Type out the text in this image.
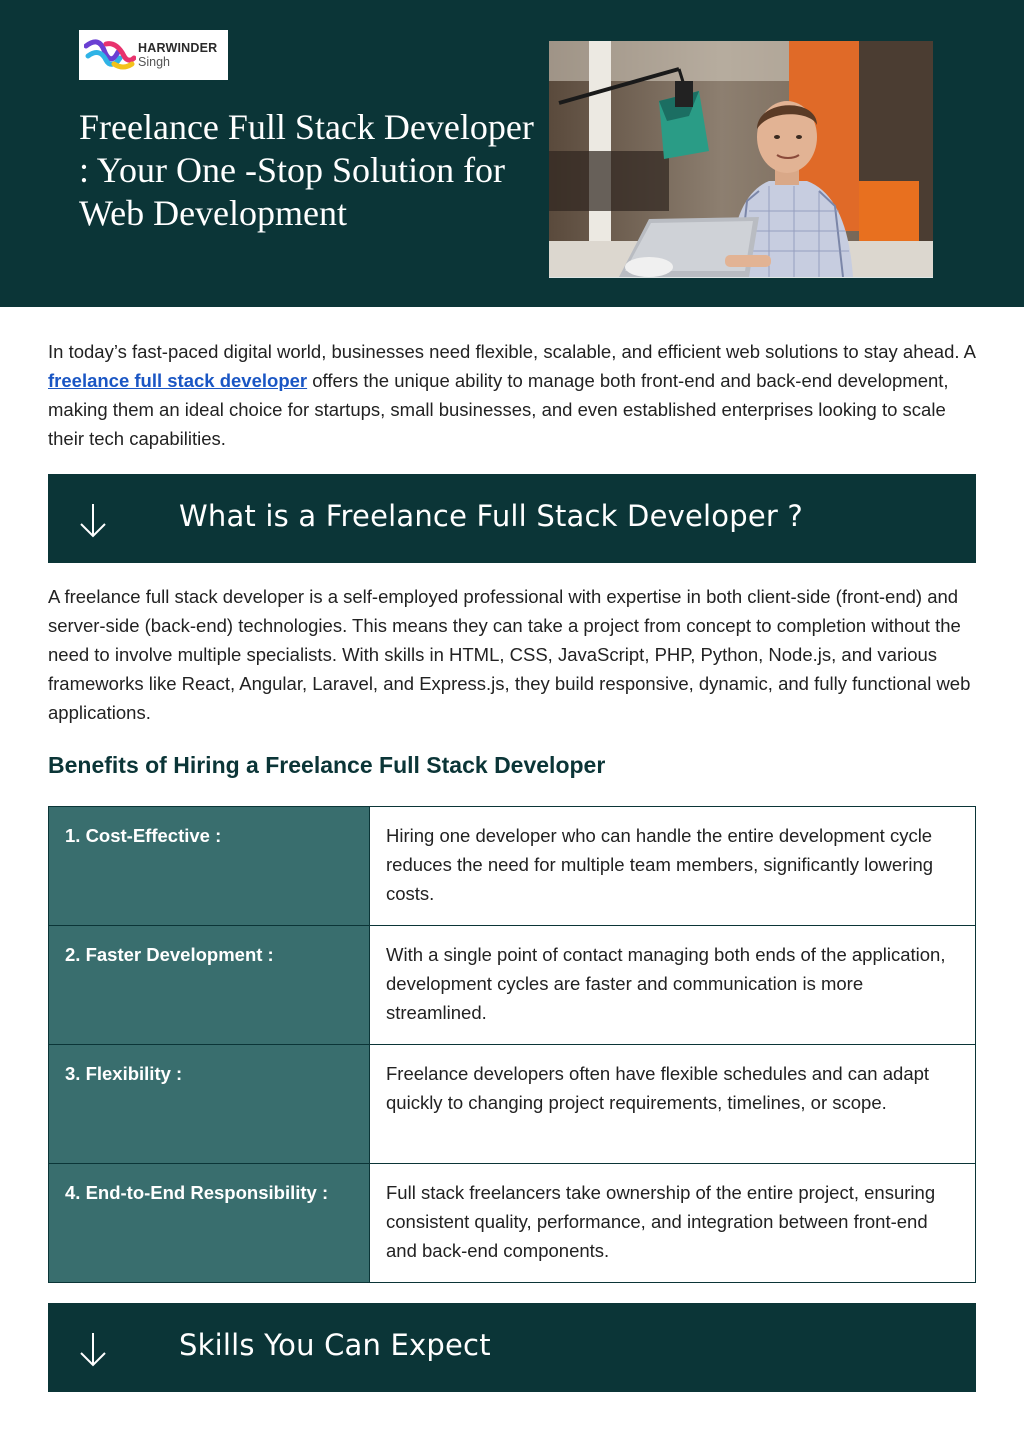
HARWINDER
Singh
Freelance Full Stack Developer : Your One -Stop Solution for Web Development

In today’s fast-paced digital world, businesses need flexible, scalable, and efficient web solutions to stay ahead. A freelance full stack developer offers the unique ability to manage both front-end and back-end development, making them an ideal choice for startups, small businesses, and even established enterprises looking to scale their tech capabilities.

What is a Freelance Full Stack Developer ?

A freelance full stack developer is a self-employed professional with expertise in both client-side (front-end) and server-side (back-end) technologies. This means they can take a project from concept to completion without the need to involve multiple specialists. With skills in HTML, CSS, JavaScript, PHP, Python, Node.js, and various frameworks like React, Angular, Laravel, and Express.js, they build responsive, dynamic, and fully functional web applications.

Benefits of Hiring a Freelance Full Stack Developer
1. Cost-Effective :	Hiring one developer who can handle the entire development cycle reduces the need for multiple team members, significantly lowering costs.
2. Faster Development :	With a single point of contact managing both ends of the application, development cycles are faster and communication is more streamlined.
3. Flexibility :	Freelance developers often have flexible schedules and can adapt quickly to changing project requirements, timelines, or scope.
4. End-to-End Responsibility :	Full stack freelancers take ownership of the entire project, ensuring consistent quality, performance, and integration between front-end and back-end components.
Skills You Can Expect
